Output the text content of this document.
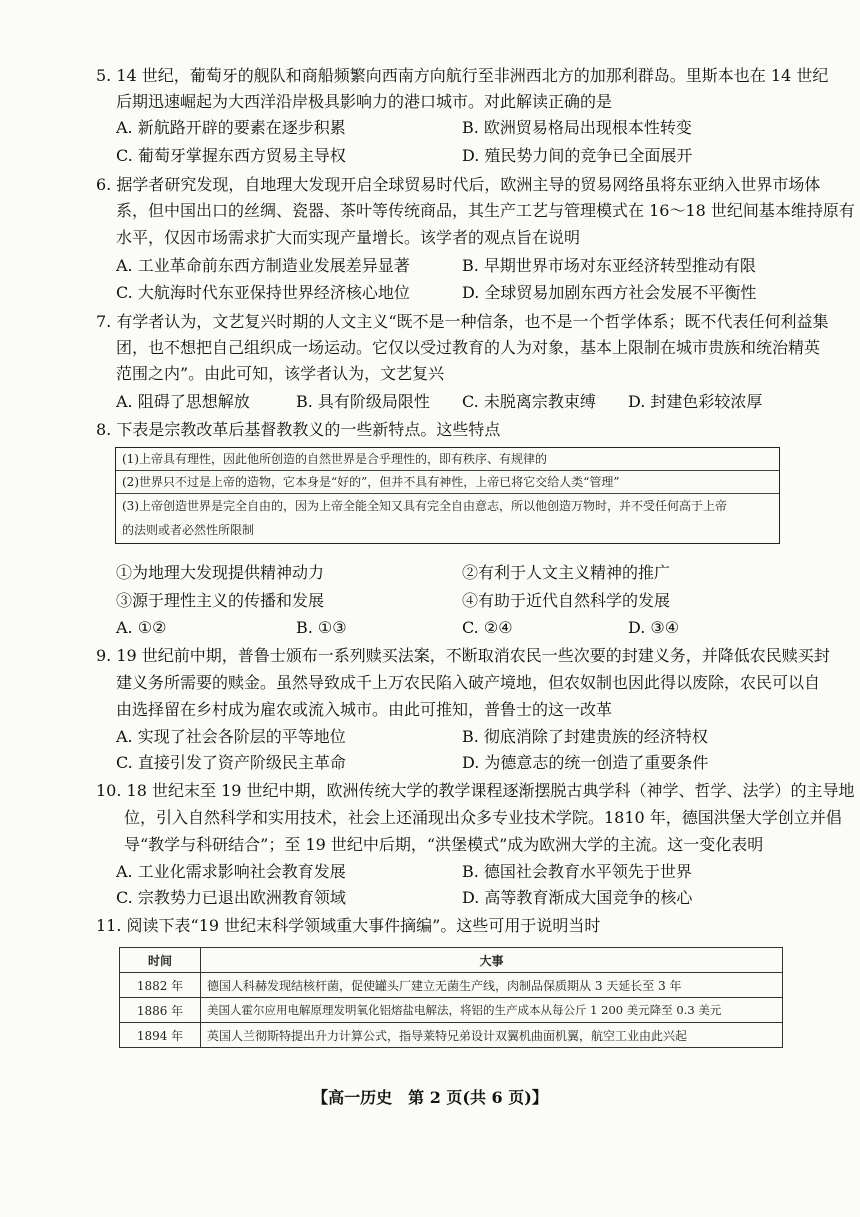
5. 14 世纪，葡萄牙的舰队和商船频繁向西南方向航行至非洲西北方的加那利群岛。里斯本也在 14 世纪
后期迅速崛起为大西洋沿岸极具影响力的港口城市。对此解读正确的是
A. 新航路开辟的要素在逐步积累	B. 欧洲贸易格局出现根本性转变
C. 葡萄牙掌握东西方贸易主导权	D. 殖民势力间的竞争已全面展开
6. 据学者研究发现，自地理大发现开启全球贸易时代后，欧洲主导的贸易网络虽将东亚纳入世界市场体
系，但中国出口的丝绸、瓷器、茶叶等传统商品，其生产工艺与管理模式在 16～18 世纪间基本维持原有
水平，仅因市场需求扩大而实现产量增长。该学者的观点旨在说明
A. 工业革命前东西方制造业发展差异显著	B. 早期世界市场对东亚经济转型推动有限
C. 大航海时代东亚保持世界经济核心地位	D. 全球贸易加剧东西方社会发展不平衡性
7. 有学者认为，文艺复兴时期的人文主义“既不是一种信条，也不是一个哲学体系；既不代表任何利益集
团，也不想把自己组织成一场运动。它仅以受过教育的人为对象，基本上限制在城市贵族和统治精英
范围之内”。由此可知，该学者认为，文艺复兴
A. 阻碍了思想解放	B. 具有阶级局限性 C. 未脱离宗教束缚 D. 封建色彩较浓厚
8. 下表是宗教改革后基督教教义的一些新特点。这些特点
(1)上帝具有理性，因此他所创造的自然世界是合乎理性的，即有秩序、有规律的
(2)世界只不过是上帝的造物，它本身是“好的”，但并不具有神性，上帝已将它交给人类“管理”
(3)上帝创造世界是完全自由的，因为上帝全能全知又具有完全自由意志，所以他创造万物时，并不受任何高于上帝
的法则或者必然性所限制
①为地理大发现提供精神动力	②有利于人文主义精神的推广
③源于理性主义的传播和发展	④有助于近代自然科学的发展
A. ①②	B. ①③	C. ②④	D. ③④
9. 19 世纪前中期，普鲁士颁布一系列赎买法案，不断取消农民一些次要的封建义务，并降低农民赎买封
建义务所需要的赎金。虽然导致成千上万农民陷入破产境地，但农奴制也因此得以废除，农民可以自
由选择留在乡村成为雇农或流入城市。由此可推知，普鲁士的这一改革
A. 实现了社会各阶层的平等地位	B. 彻底消除了封建贵族的经济特权
C. 直接引发了资产阶级民主革命	D. 为德意志的统一创造了重要条件
10. 18 世纪末至 19 世纪中期，欧洲传统大学的教学课程逐渐摆脱古典学科（神学、哲学、法学）的主导地
位，引入自然科学和实用技术，社会上还涌现出众多专业技术学院。1810 年，德国洪堡大学创立并倡
导“教学与科研结合”；至 19 世纪中后期，“洪堡模式”成为欧洲大学的主流。这一变化表明
A. 工业化需求影响社会教育发展	B. 德国社会教育水平领先于世界
C. 宗教势力已退出欧洲教育领域	D. 高等教育渐成大国竞争的核心
11. 阅读下表“19 世纪末科学领域重大事件摘编”。这些可用于说明当时
时间	大事
1882 年	德国人科赫发现结核杆菌，促使罐头厂建立无菌生产线，肉制品保质期从 3 天延长至 3 年
1886 年	美国人霍尔应用电解原理发明氧化铝熔盐电解法，将铝的生产成本从每公斤 1 200 美元降至 0.3 美元
1894 年	英国人兰彻斯特提出升力计算公式，指导莱特兄弟设计双翼机曲面机翼，航空工业由此兴起
【高一历史　第 2 页(共 6 页)】
